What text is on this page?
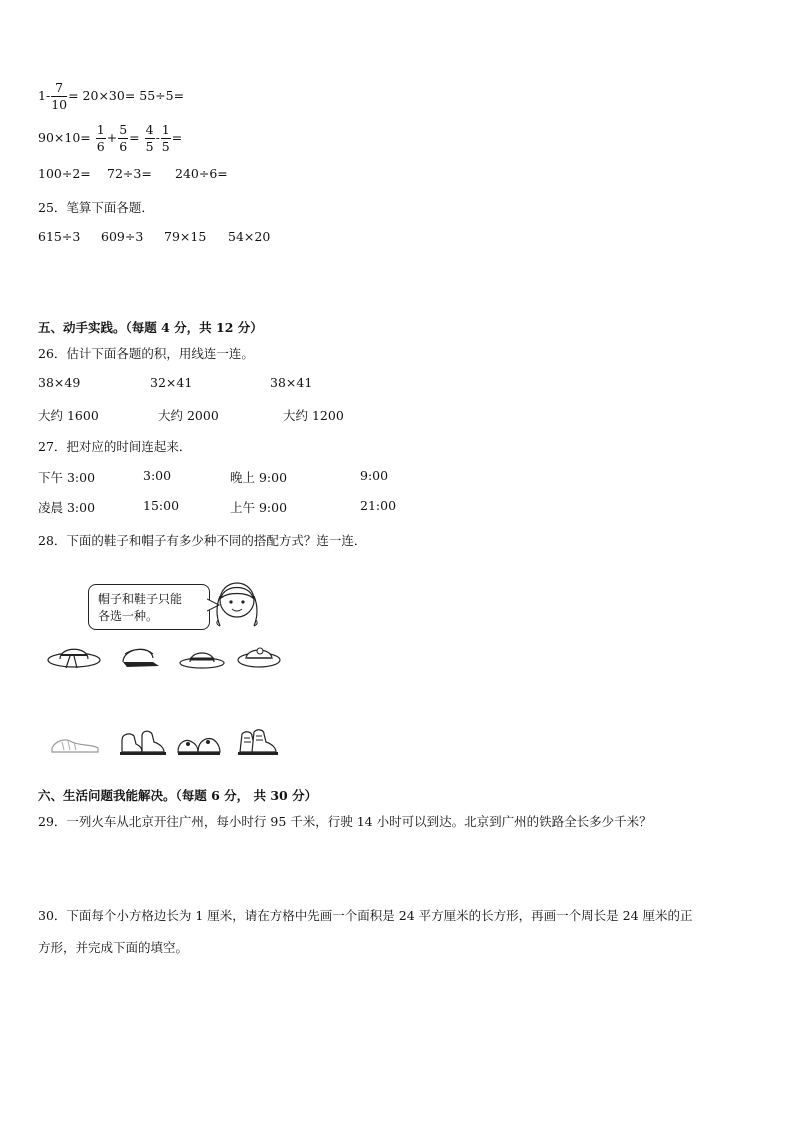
$1- \frac{7}{10} = 20\times 30= 55\div 5=$
$90\times 10= \frac{1}{6} + \frac{5}{6} = \frac{4}{5} - \frac{1}{5}$ =
100÷2= 72÷3= 240÷6=
25．笔算下面各题．
615÷3 609÷3 79×15 54×20
五、动手实践。（每题 4 分，共 12 分）
26．估计下面各题的积，用线连一连。
38×49	32×41	38×41
大约 1600	大约 2000	大约 1200
27．把对应的时间连起来．
下午 3:00	3:00	晚上 9:00	9:00
凌晨 3:00	15:00	上午 9:00	21:00
28．下面的鞋子和帽子有多少种不同的搭配方式？连一连．
帽子和鞋子只能
各选一种。
六、生活问题我能解决。（每题 6 分， 共 30 分）
29．一列火车从北京开往广州，每小时行 95 千米，行驶 14 小时可以到达。北京到广州的铁路全长多少千米？
30．下面每个小方格边长为 1 厘米，请在方格中先画一个面积是 24 平方厘米的长方形，再画一个周长是 24 厘米的正
方形，并完成下面的填空。
